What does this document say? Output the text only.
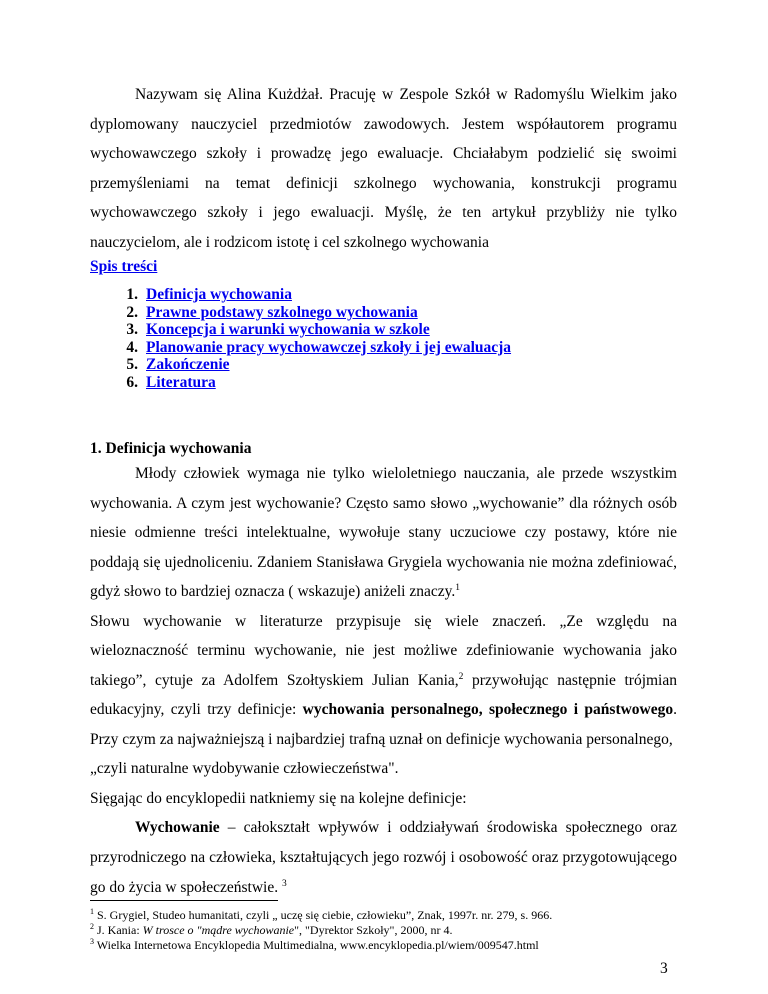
Nazywam się Alina Kużdżał. Pracuję w Zespole Szkół w Radomyślu Wielkim jako dyplomowany nauczyciel przedmiotów zawodowych. Jestem współautorem programu wychowawczego szkoły i prowadzę jego ewaluacje. Chciałabym podzielić się swoimi przemyśleniami na temat definicji szkolnego wychowania, konstrukcji programu wychowawczego szkoły i jego ewaluacji. Myślę, że ten artykuł przybliży nie tylko nauczycielom, ale i rodzicom istotę i cel szkolnego wychowania
Spis treści
1. Definicja wychowania
2. Prawne podstawy szkolnego wychowania
3. Koncepcja i warunki wychowania w szkole
4. Planowanie pracy wychowawczej szkoły i jej ewaluacja
5. Zakończenie
6. Literatura
1. Definicja wychowania
Młody człowiek wymaga nie tylko wieloletniego nauczania, ale przede wszystkim wychowania. A czym jest wychowanie? Często samo słowo „wychowanie” dla różnych osób niesie odmienne treści intelektualne, wywołuje stany uczuciowe czy postawy, które nie poddają się ujednoliceniu. Zdaniem Stanisława Grygiela wychowania nie można zdefiniować, gdyż słowo to bardziej oznacza ( wskazuje) aniżeli znaczy.$^1$
Słowu wychowanie w literaturze przypisuje się wiele znaczeń. „Ze względu na
wieloznaczność terminu wychowanie, nie jest możliwe zdefiniowanie wychowania jako
takiego”, cytuje za Adolfem Szołtyskiem Julian Kania,$^2$ przywołując następnie trójmian
edukacyjny, czyli trzy definicje: wychowania personalnego, społecznego i państwowego.
Przy czym za najważniejszą i najbardziej trafną uznał on definicje wychowania personalnego,
„czyli naturalne wydobywanie człowieczeństwa".
Sięgając do encyklopedii natkniemy się na kolejne definicje:
Wychowanie – całokształt wpływów i oddziaływań środowiska społecznego oraz
przyrodniczego na człowieka, kształtujących jego rozwój i osobowość oraz przygotowującego
go do życia w społeczeństwie. $^3$
$^1$ S. Grygiel, Studeo humanitati, czyli „ uczę się ciebie, człowieku”, Znak, 1997r. nr. 279, s. 966.
$^2$ J. Kania: W trosce o "mądre wychowanie", "Dyrektor Szkoły", 2000, nr 4.
$^3$ Wielka Internetowa Encyklopedia Multimedialna, www.encyklopedia.pl/wiem/009547.html
3
